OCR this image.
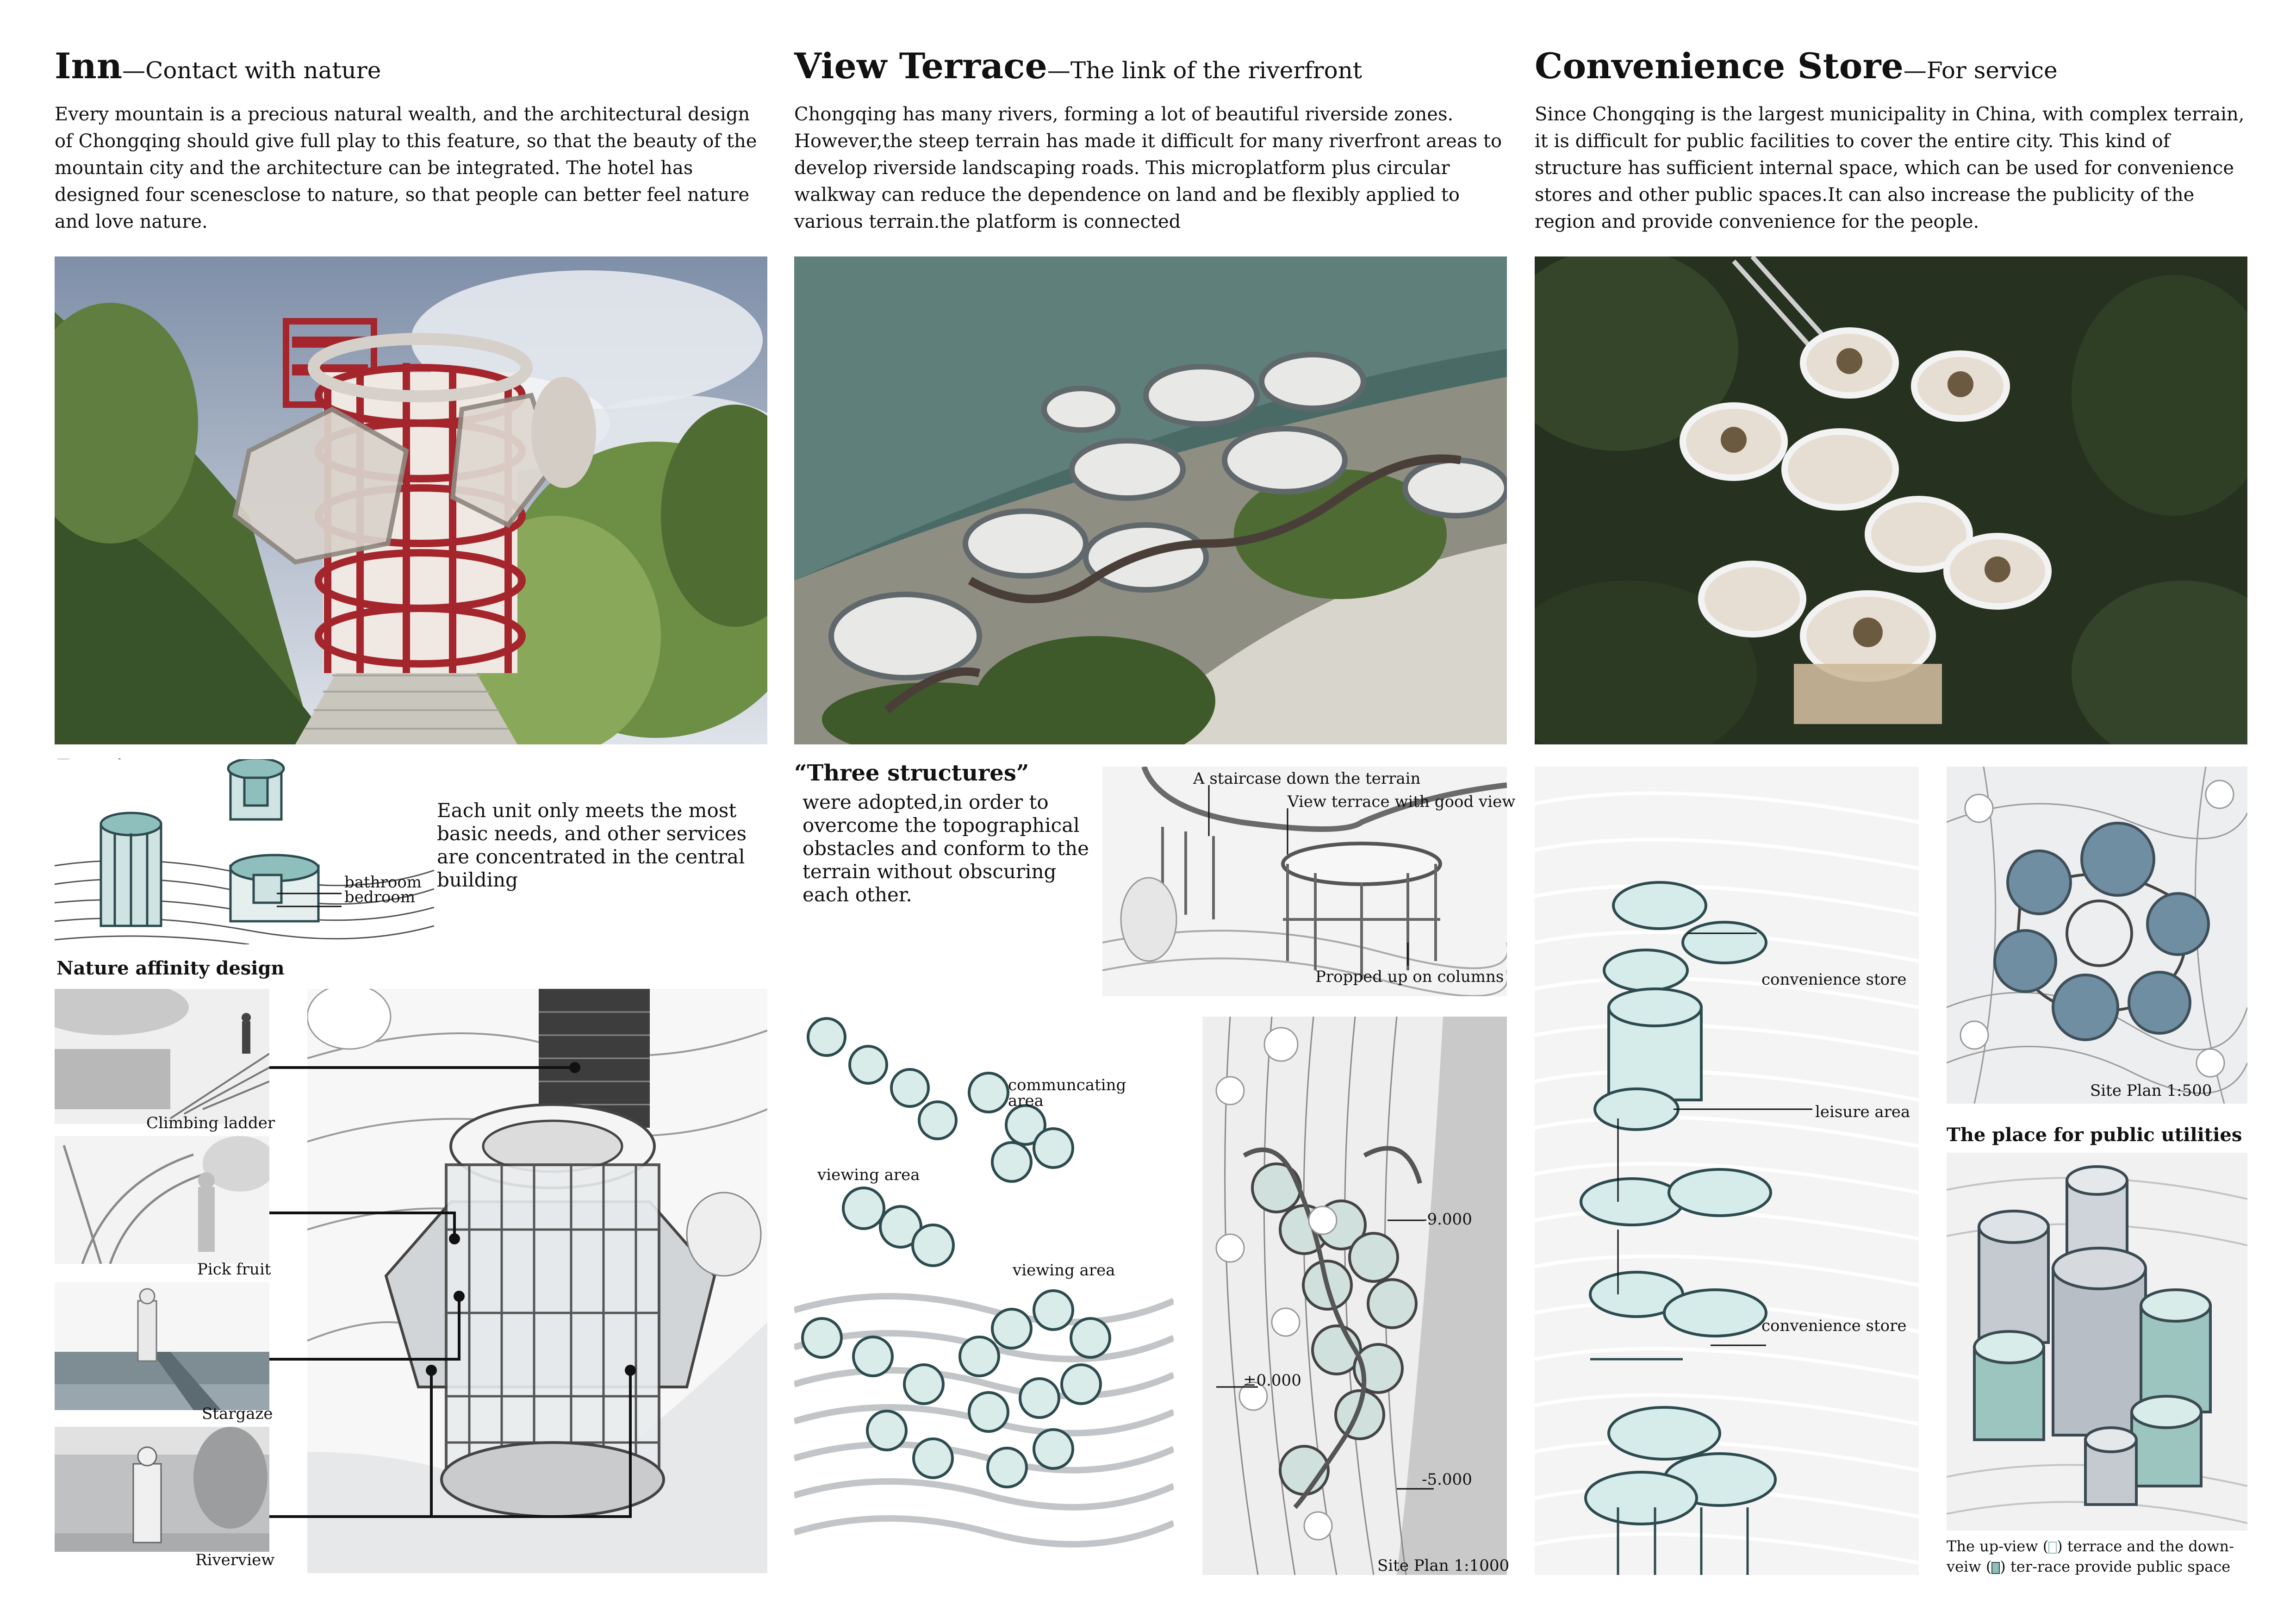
Inn—Contact with nature

Every mountain is a precious natural wealth, and the architectural design of Chongqing should give full play to this feature, so that the beauty of the mountain city and the architecture can be integrated. The hotel has designed four scenesclose to nature, so that people can better feel nature and love nature.

bathroom
bedroom
Each unit only meets the most basic needs, and other services are concentrated in the central building
Nature affinity design
Climbing ladder
Pick fruit
Stargaze
Riverview
View Terrace—The link of the riverfront

Chongqing has many rivers, forming a lot of beautiful riverside zones. However,the steep terrain has made it difficult for many riverfront areas to develop riverside landscaping roads. This microplatform plus circular walkway can reduce the dependence on land and be flexibly applied to various terrain.the platform is connected

“Three structures”
were adopted,in order to overcome the topographical obstacles and conform to the terrain without obscuring each other.
A staircase down the terrain
View terrace with good view
Propped up on columns
communcating
area
viewing area
viewing area
-9.000
±0.000
-5.000
Site Plan 1:1000
Convenience Store—For service

Since Chongqing is the largest municipality in China, with complex terrain, it is difficult for public facilities to cover the entire city. This kind of structure has sufficient internal space, which can be used for convenience stores and other public spaces.It can also increase the publicity of the region and provide convenience for the people.

convenience store
leisure area
convenience store
Site Plan 1:500
The place for public utilities
The up-view ( ) terrace and the down-
veiw ( ) ter-race provide public space
